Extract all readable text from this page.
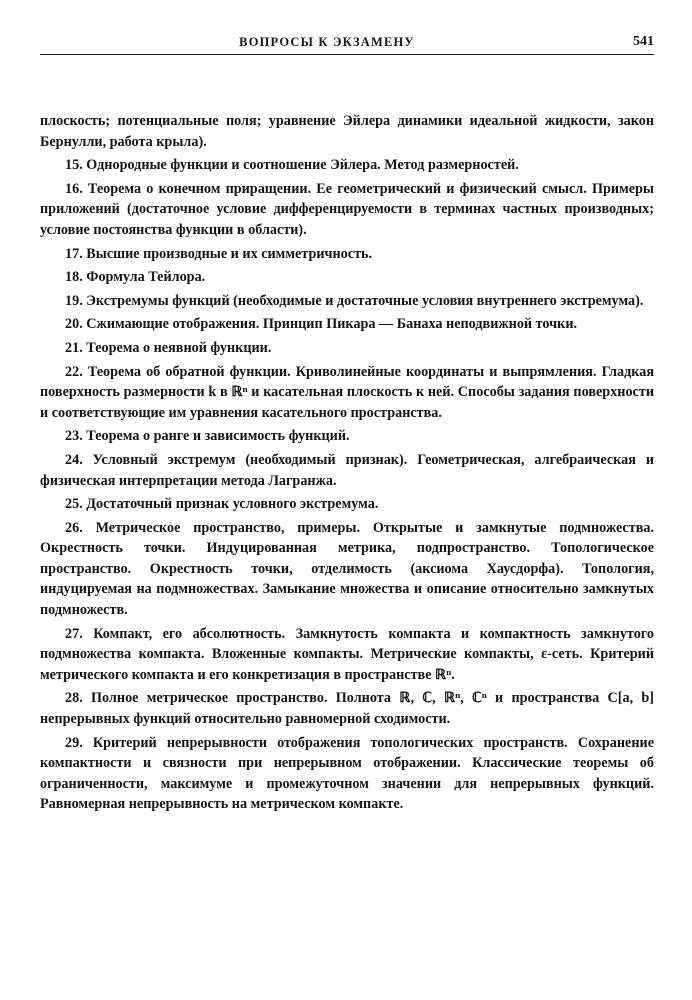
ВОПРОСЫ К ЭКЗАМЕНУ	541

плоскость; потенциальные поля; уравнение Эйлера динамики идеальной жидкости, закон Бернулли, работа крыла).

15. Однородные функции и соотношение Эйлера. Метод размерностей.

16. Теорема о конечном приращении. Ее геометрический и физический смысл. Примеры приложений (достаточное условие дифференцируемости в терминах частных производных; условие постоянства функции в области).

17. Высшие производные и их симметричность.

18. Формула Тейлора.

19. Экстремумы функций (необходимые и достаточные условия внутреннего экстремума).

20. Сжимающие отображения. Принцип Пикара — Банаха неподвижной точки.

21. Теорема о неявной функции.

22. Теорема об обратной функции. Криволинейные координаты и выпрямления. Гладкая поверхность размерности k в ℝⁿ и касательная плоскость к ней. Способы задания поверхности и соответствующие им уравнения касательного пространства.

23. Теорема о ранге и зависимость функций.

24. Условный экстремум (необходимый признак). Геометрическая, алгебраическая и физическая интерпретации метода Лагранжа.

25. Достаточный признак условного экстремума.

26. Метрическое пространство, примеры. Открытые и замкнутые подмножества. Окрестность точки. Индуцированная метрика, подпространство. Топологическое пространство. Окрестность точки, отделимость (аксиома Хаусдорфа). Топология, индуцируемая на подмножествах. Замыкание множества и описание относительно замкнутых подмножеств.

27. Компакт, его абсолютность. Замкнутость компакта и компактность замкнутого подмножества компакта. Вложенные компакты. Метрические компакты, ε-сеть. Критерий метрического компакта и его конкретизация в пространстве ℝⁿ.

28. Полное метрическое пространство. Полнота ℝ, ℂ, ℝⁿ, ℂⁿ и пространства C[a, b] непрерывных функций относительно равномерной сходимости.

29. Критерий непрерывности отображения топологических пространств. Сохранение компактности и связности при непрерывном отображении. Классические теоремы об ограниченности, максимуме и промежуточном значении для непрерывных функций. Равномерная непрерывность на метрическом компакте.
